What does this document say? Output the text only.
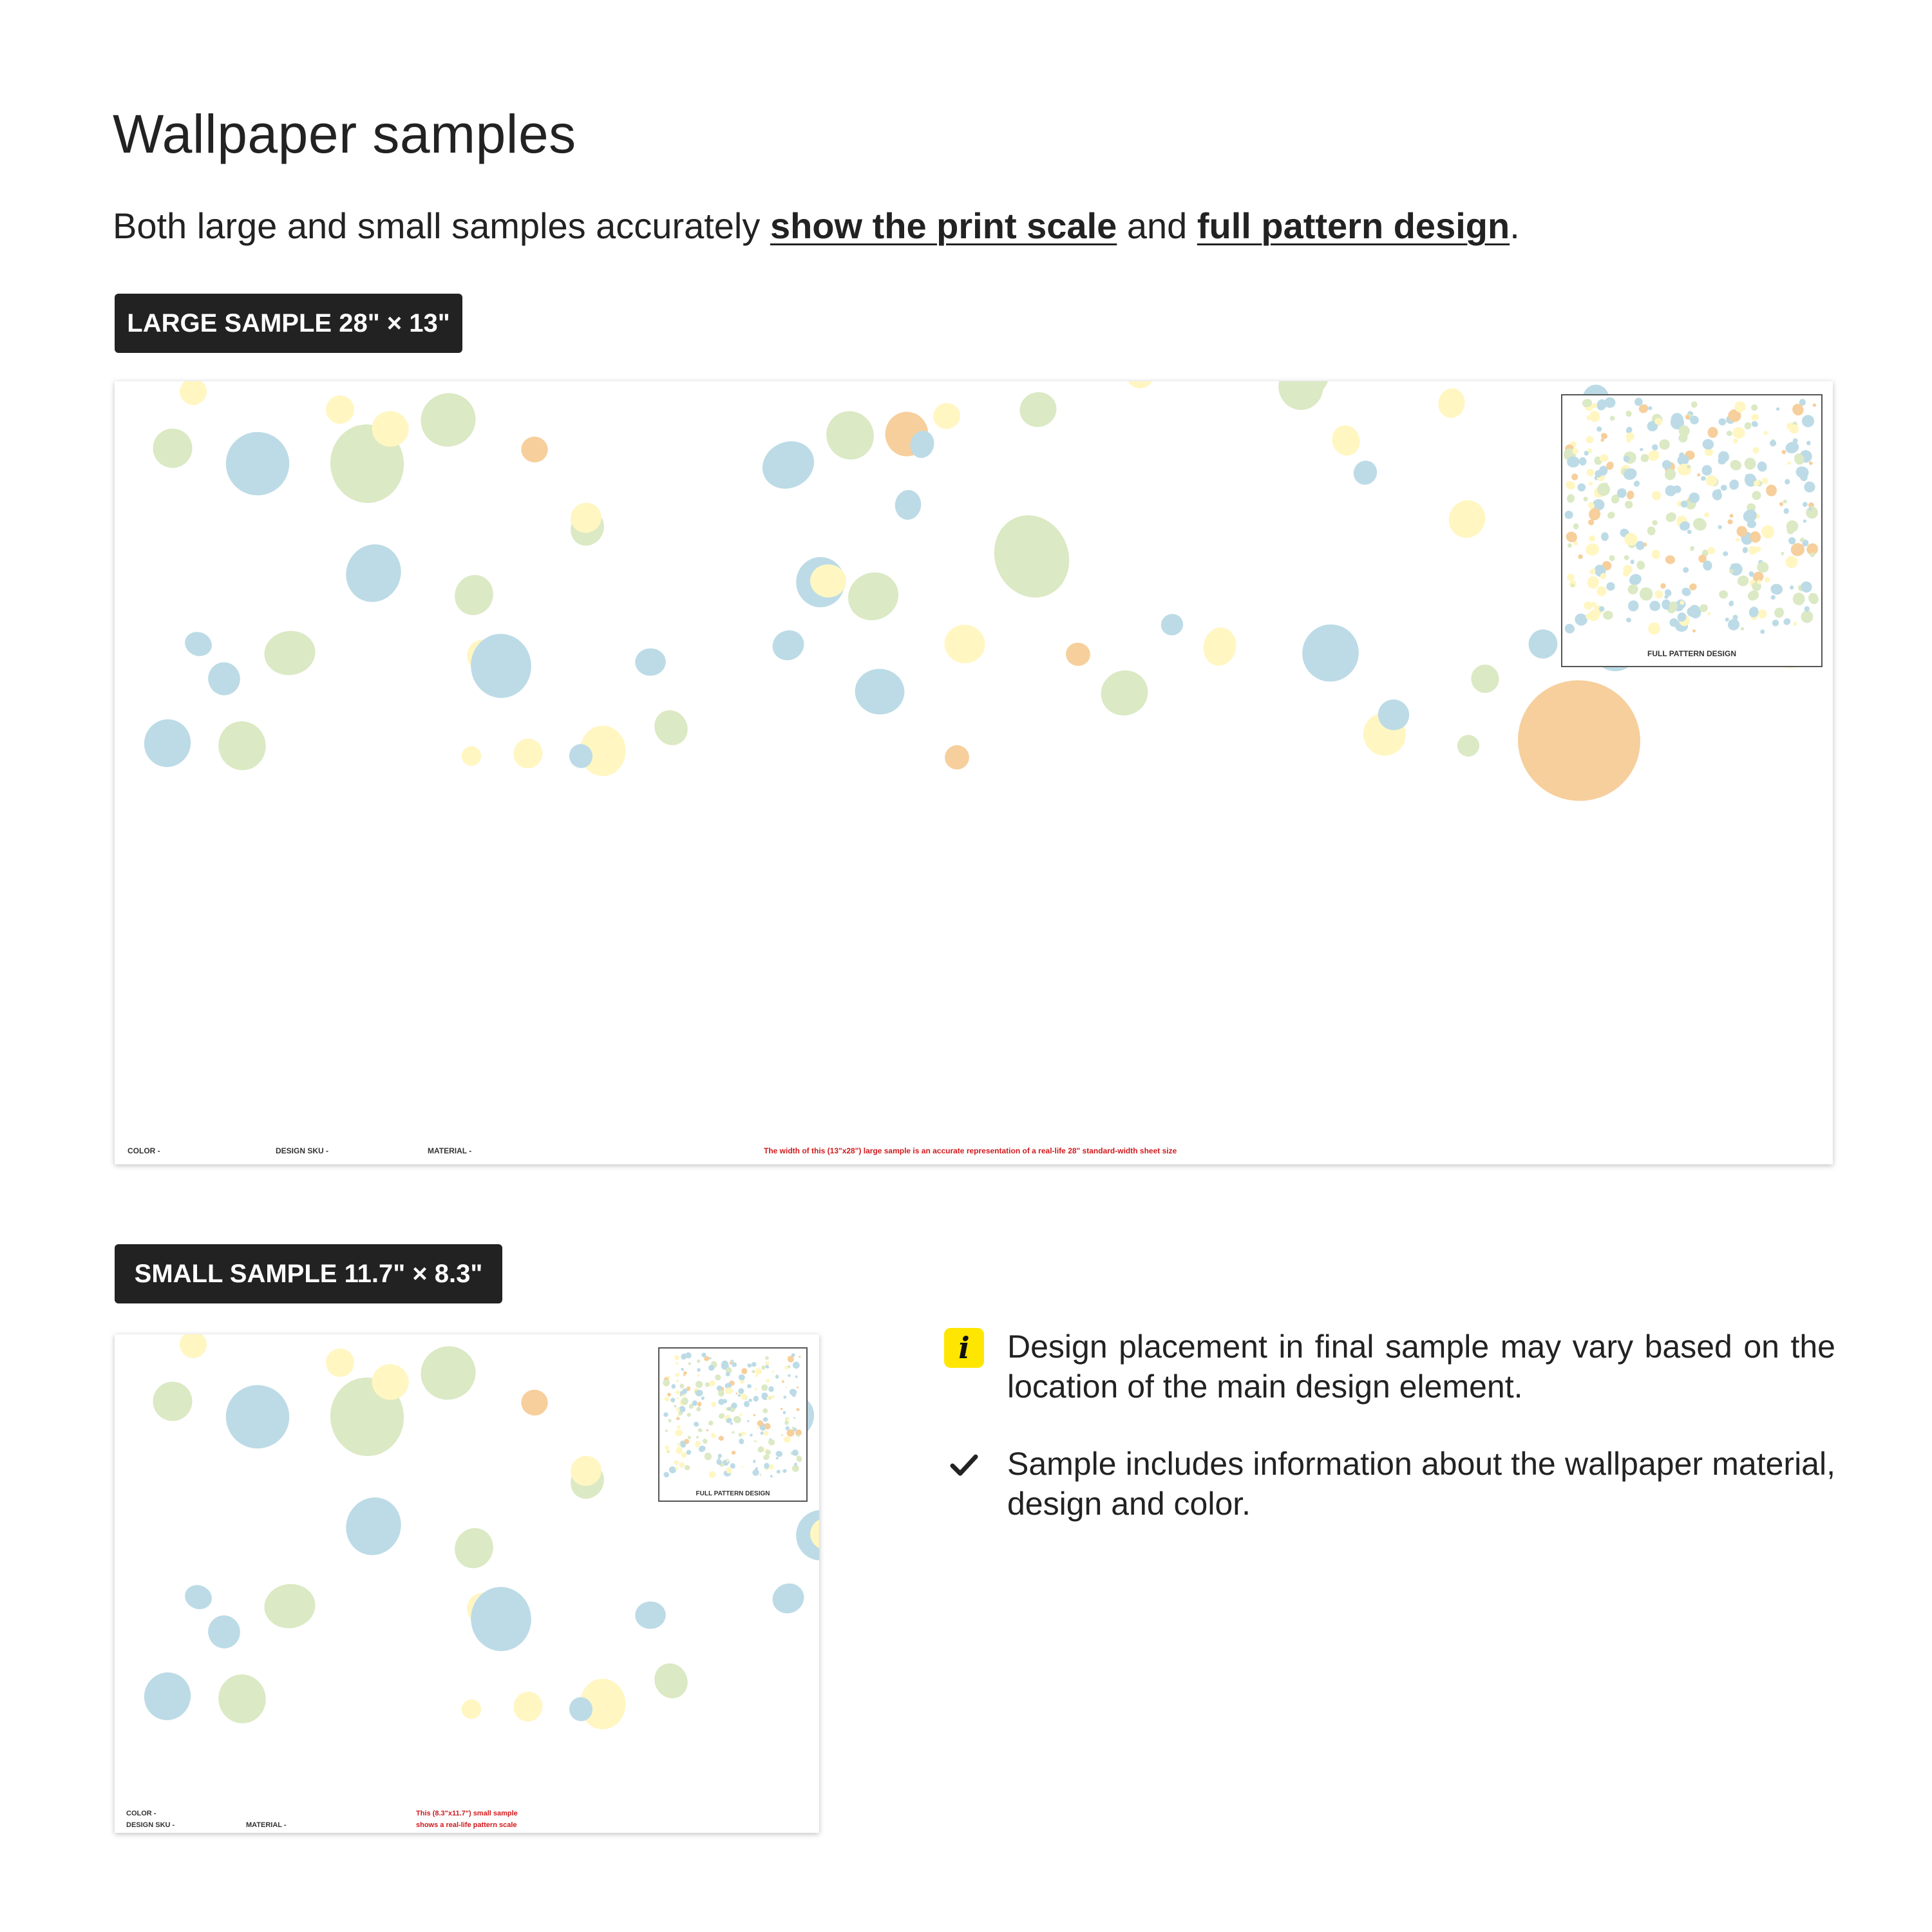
Wallpaper samples
Both large and small samples accurately show the print scale and full pattern design.
LARGE SAMPLE 28" × 13"
COLOR -	DESIGN SKU -	MATERIAL -	The width of this (13"x28") large sample is an accurate representation of a real-life 28" standard-width sheet size
FULL PATTERN DESIGN
SMALL SAMPLE 11.7" × 8.3"
COLOR -
DESIGN SKU -	MATERIAL -
This (8.3"x11.7") small sample
shows a real-life pattern scale
FULL PATTERN DESIGN
i	Design placement in final sample may vary based on the location of the main design element.
Sample includes information about the wallpaper material, design and color.
